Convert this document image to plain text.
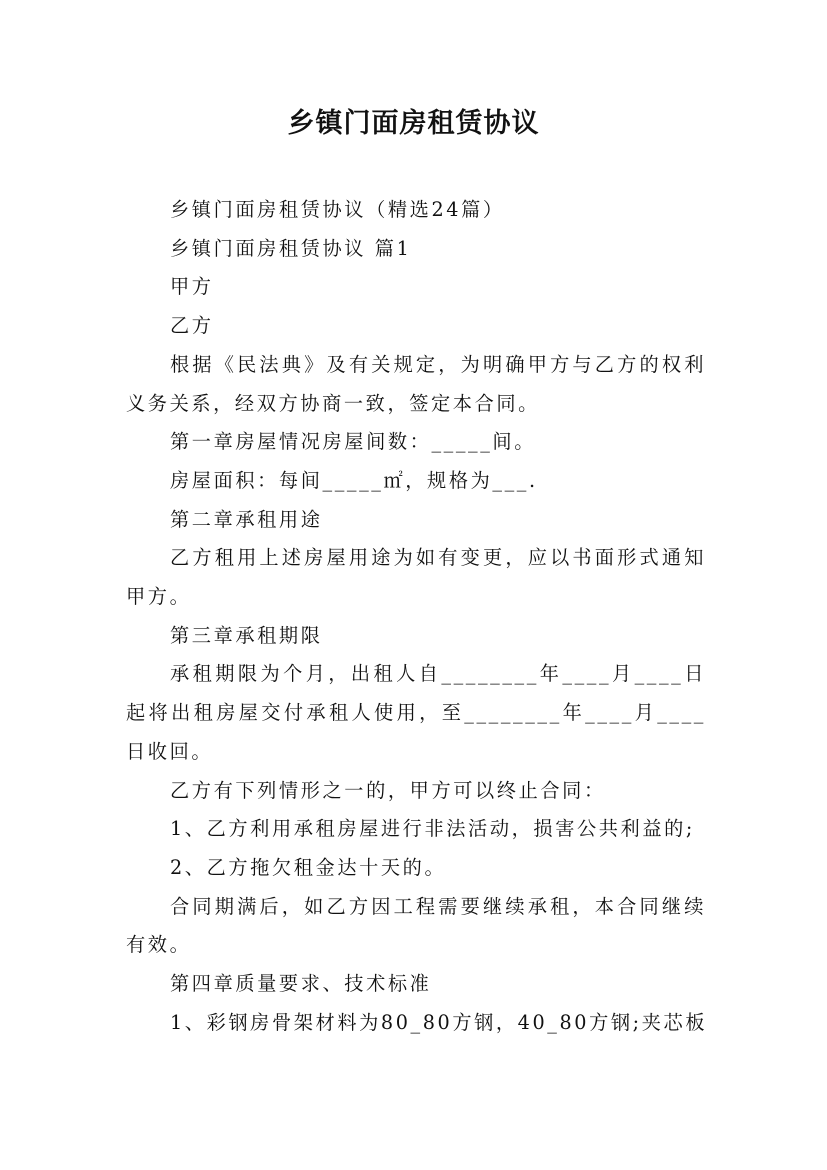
乡镇门面房租赁协议

乡镇门面房租赁协议（精选24篇）

乡镇门面房租赁协议 篇1

甲方

乙方

根据《民法典》及有关规定，为明确甲方与乙方的权利义务关系，经双方协商一致，签定本合同。

第一章房屋情况房屋间数：_____间。

房屋面积：每间_____㎡，规格为___.

第二章承租用途

乙方租用上述房屋用途为如有变更，应以书面形式通知甲方。

第三章承租期限

承租期限为个月，出租人自________年____月____日起将出租房屋交付承租人使用，至________年____月____日收回。

乙方有下列情形之一的，甲方可以终止合同：

1、乙方利用承租房屋进行非法活动，损害公共利益的;

2、乙方拖欠租金达十天的。

合同期满后，如乙方因工程需要继续承租，本合同继续有效。

第四章质量要求、技术标准

1、彩钢房骨架材料为80_80方钢，40_80方钢;夹芯板
